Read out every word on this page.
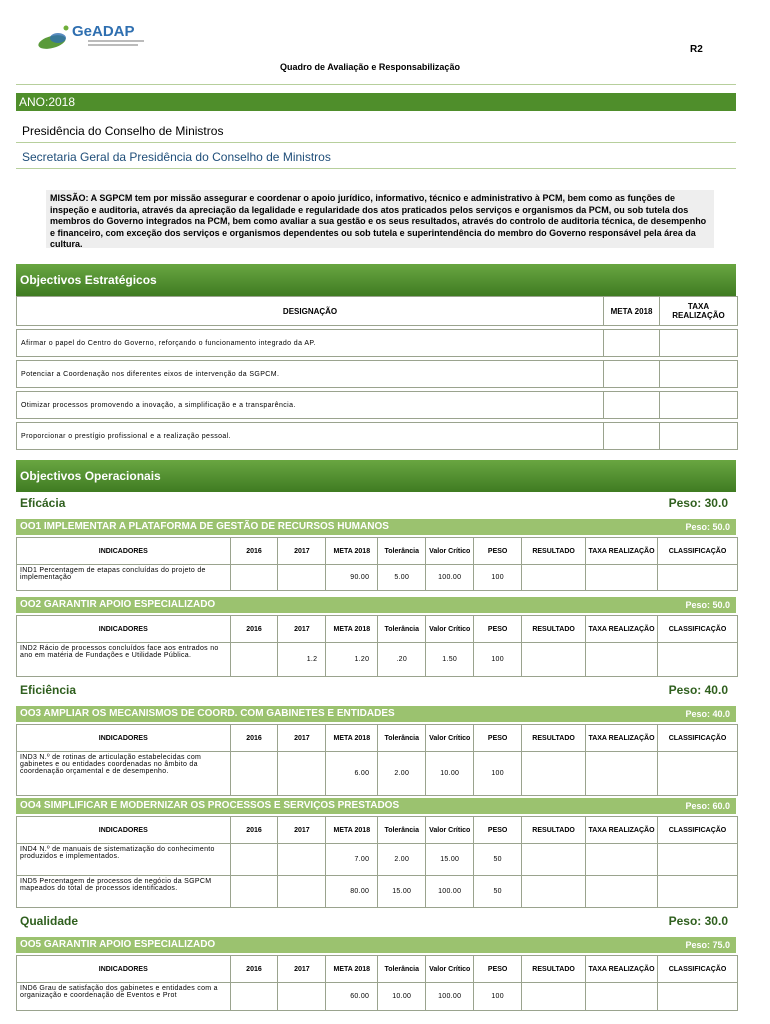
GeADAP
R2
Quadro de Avaliação e Responsabilização
ANO:2018
Presidência do Conselho de Ministros
Secretaria Geral da Presidência do Conselho de Ministros
MISSÃO: A SGPCM tem por missão assegurar e coordenar o apoio jurídico, informativo, técnico e administrativo à PCM, bem como as funções de inspeção e auditoria, através da apreciação da legalidade e regularidade dos atos praticados pelos serviços e organismos da PCM, ou sob tutela dos membros do Governo integrados na PCM, bem como avaliar a sua gestão e os seus resultados, através do controlo de auditoria técnica, de desempenho e financeiro, com exceção dos serviços e organismos dependentes ou sob tutela e superintendência do membro do Governo responsável pela área da cultura.
Objectivos Estratégicos
DESIGNAÇÃO	META 2018	TAXA REALIZAÇÃO

Afirmar o papel do Centro do Governo, reforçando o funcionamento integrado da AP.		

Potenciar a Coordenação nos diferentes eixos de intervenção da SGPCM.		

Otimizar processos promovendo a inovação, a simplificação e a transparência.		

Proporcionar o prestígio profissional e a realização pessoal.		
Objectivos Operacionais
Eficácia	Peso: 30.0
OO1 IMPLEMENTAR A PLATAFORMA DE GESTÃO DE RECURSOS HUMANOS	Peso: 50.0
INDICADORES	2016	2017	META 2018	Tolerância	Valor Crítico	PESO	RESULTADO	TAXA REALIZAÇÃO	CLASSIFICAÇÃO
IND1 Percentagem de etapas concluídas do projeto de implementação			90.00	5.00	100.00	100			
OO2 GARANTIR APOIO ESPECIALIZADO	Peso: 50.0
INDICADORES	2016	2017	META 2018	Tolerância	Valor Crítico	PESO	RESULTADO	TAXA REALIZAÇÃO	CLASSIFICAÇÃO
IND2 Rácio de processos concluídos face aos entrados no ano em matéria de Fundações e Utilidade Pública.		1.2	1.20	.20	1.50	100			
Eficiência	Peso: 40.0
OO3 AMPLIAR OS MECANISMOS DE COORD. COM GABINETES E ENTIDADES	Peso: 40.0
INDICADORES	2016	2017	META 2018	Tolerância	Valor Crítico	PESO	RESULTADO	TAXA REALIZAÇÃO	CLASSIFICAÇÃO
IND3 N.º de rotinas de articulação estabelecidas com gabinetes e ou entidades coordenadas no âmbito da coordenação orçamental e de desempenho.			6.00	2.00	10.00	100			
OO4 SIMPLIFICAR E MODERNIZAR OS PROCESSOS E SERVIÇOS PRESTADOS	Peso: 60.0
INDICADORES	2016	2017	META 2018	Tolerância	Valor Crítico	PESO	RESULTADO	TAXA REALIZAÇÃO	CLASSIFICAÇÃO
IND4 N.º de manuais de sistematização do conhecimento produzidos e implementados.			7.00	2.00	15.00	50			
IND5 Percentagem de processos de negócio da SGPCM mapeados do total de processos identificados.			80.00	15.00	100.00	50			
Qualidade	Peso: 30.0
OO5 GARANTIR APOIO ESPECIALIZADO	Peso: 75.0
INDICADORES	2016	2017	META 2018	Tolerância	Valor Crítico	PESO	RESULTADO	TAXA REALIZAÇÃO	CLASSIFICAÇÃO
IND6 Grau de satisfação dos gabinetes e entidades com a organização e coordenação de Eventos e Prot			60.00	10.00	100.00	100			
